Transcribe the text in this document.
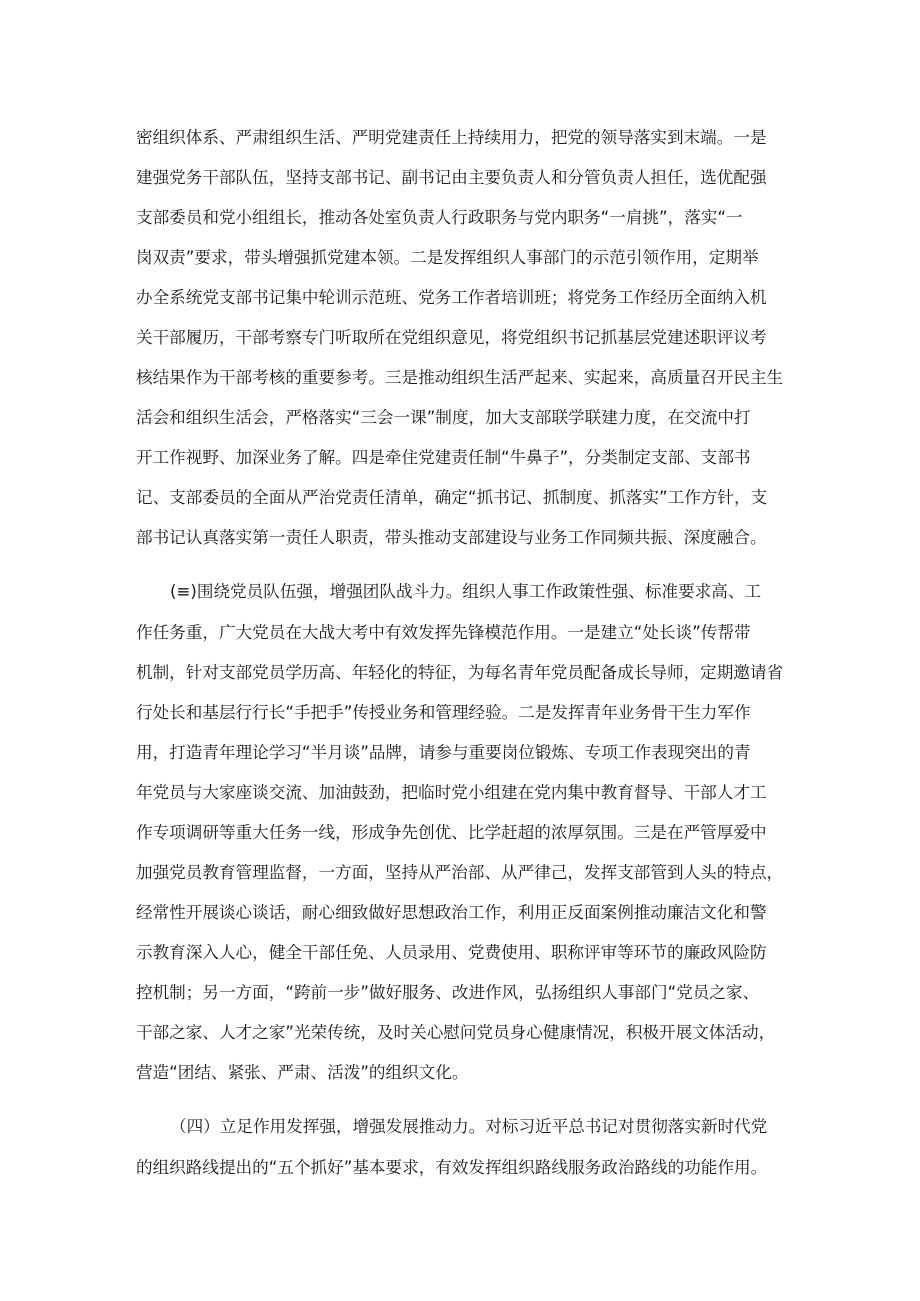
密组织体系、严肃组织生活、严明党建责任上持续用力，把党的领导落实到末端。一是
建强党务干部队伍，坚持支部书记、副书记由主要负责人和分管负责人担任，选优配强
支部委员和党小组组长，推动各处室负责人行政职务与党内职务“一肩挑”，落实“一
岗双责”要求，带头增强抓党建本领。二是发挥组织人事部门的示范引领作用，定期举
办全系统党支部书记集中轮训示范班、党务工作者培训班；将党务工作经历全面纳入机
关干部履历，干部考察专门听取所在党组织意见，将党组织书记抓基层党建述职评议考
核结果作为干部考核的重要参考。三是推动组织生活严起来、实起来，高质量召开民主生
活会和组织生活会，严格落实“三会一课”制度，加大支部联学联建力度，在交流中打
开工作视野、加深业务了解。四是牵住党建责任制“牛鼻子”，分类制定支部、支部书
记、支部委员的全面从严治党责任清单，确定“抓书记、抓制度、抓落实”工作方针，支
部书记认真落实第一责任人职责，带头推动支部建设与业务工作同频共振、深度融合。
(≡)围绕党员队伍强，增强团队战斗力。组织人事工作政策性强、标准要求高、工
作任务重，广大党员在大战大考中有效发挥先锋模范作用。一是建立“处长谈”传帮带
机制，针对支部党员学历高、年轻化的特征，为每名青年党员配备成长导师，定期邀请省
行处长和基层行行长“手把手”传授业务和管理经验。二是发挥青年业务骨干生力军作
用，打造青年理论学习“半月谈”品牌，请参与重要岗位锻炼、专项工作表现突出的青
年党员与大家座谈交流、加油鼓劲，把临时党小组建在党内集中教育督导、干部人才工
作专项调研等重大任务一线，形成争先创优、比学赶超的浓厚氛围。三是在严管厚爱中
加强党员教育管理监督，一方面，坚持从严治部、从严律己，发挥支部管到人头的特点，
经常性开展谈心谈话，耐心细致做好思想政治工作，利用正反面案例推动廉洁文化和警
示教育深入人心，健全干部任免、人员录用、党费使用、职称评审等环节的廉政风险防
控机制；另一方面，“跨前一步”做好服务、改进作风，弘扬组织人事部门“党员之家、
干部之家、人才之家”光荣传统，及时关心慰问党员身心健康情况，积极开展文体活动，
营造“团结、紧张、严肃、活泼”的组织文化。
（四）立足作用发挥强，增强发展推动力。对标习近平总书记对贯彻落实新时代党
的组织路线提出的“五个抓好”基本要求，有效发挥组织路线服务政治路线的功能作用。
